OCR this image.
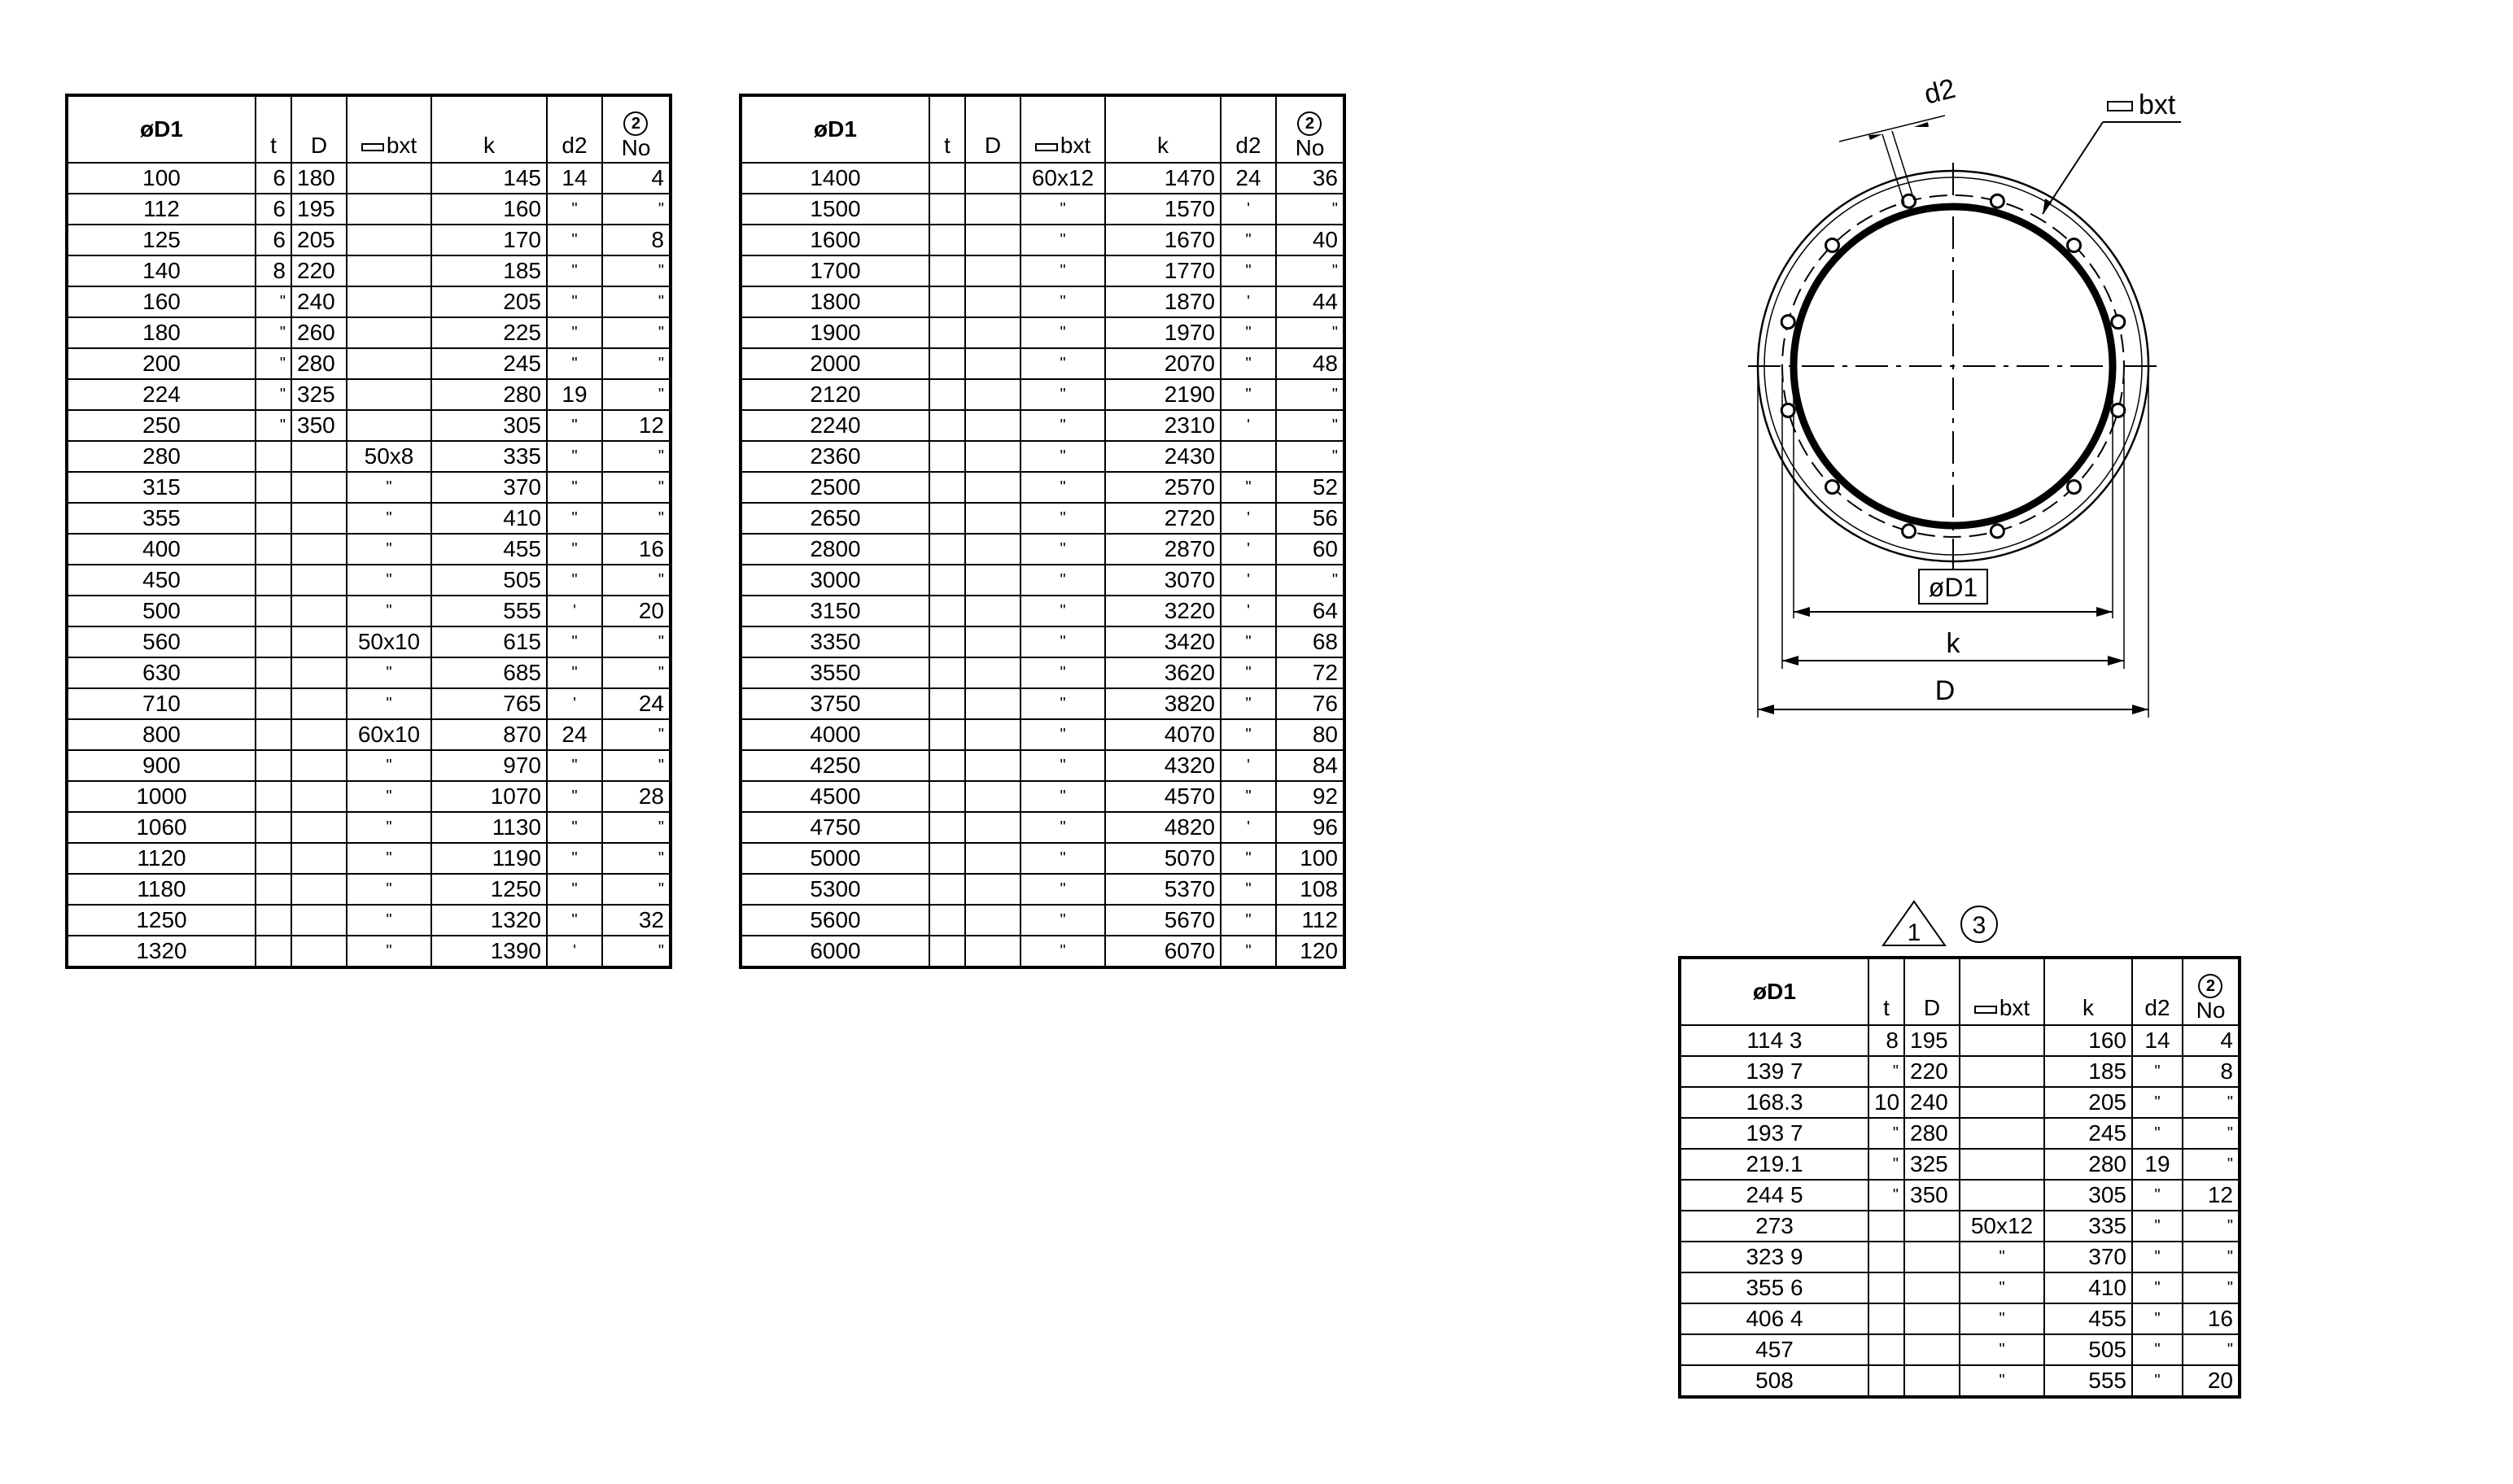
øD1	t	D	bxt	k	d2	2
No

100	6	180		145	14	4
112	6	195		160	"	"
125	6	205		170	"	8
140	8	220		185	"	"
160	"	240		205	"	"
180	"	260		225	"	"
200	"	280		245	"	"
224	"	325		280	19	"
250	"	350		305	"	12
280			50x8	335	"	"
315			"	370	"	"
355			"	410	"	"
400			"	455	"	16
450			"	505	"	"
500			"	555	'	20
560			50x10	615	"	"
630			"	685	"	"
710			"	765	'	24
800			60x10	870	24	"
900			"	970	"	"
1000			"	1070	"	28
1060			"	1130	"	"
1120			"	1190	"	"
1180			"	1250	"	"
1250			"	1320	"	32
1320			"	1390	'	"
øD1	t	D	bxt	k	d2	2
No

1400			60x12	1470	24	36
1500			"	1570	'	"
1600			"	1670	"	40
1700			"	1770	"	"
1800			"	1870	'	44
1900			"	1970	"	"
2000			"	2070	"	48
2120			"	2190	"	"
2240			"	2310	'	"
2360			"	2430		"
2500			"	2570	"	52
2650			"	2720	'	56
2800			"	2870	'	60
3000			"	3070	'	"
3150			"	3220	'	64
3350			"	3420	"	68
3550			"	3620	"	72
3750			"	3820	"	76
4000			"	4070	"	80
4250			"	4320	'	84
4500			"	4570	"	92
4750			"	4820	'	96
5000			"	5070	"	100
5300			"	5370	"	108
5600			"	5670	"	112
6000			"	6070	"	120
d2	bxt
øD1
k
D
1 3
øD1	t	D	bxt	k	d2	2
No

114 3	8	195		160	14	4
139 7	"	220		185	"	8
168.3	10	240		205	"	"
193 7	"	280		245	"	"
219.1	"	325		280	19	"
244 5	"	350		305	"	12
273			50x12	335	"	"
323 9			"	370	"	"
355 6			"	410	"	"
406 4			"	455	"	16
457			"	505	"	"
508			"	555	"	20
